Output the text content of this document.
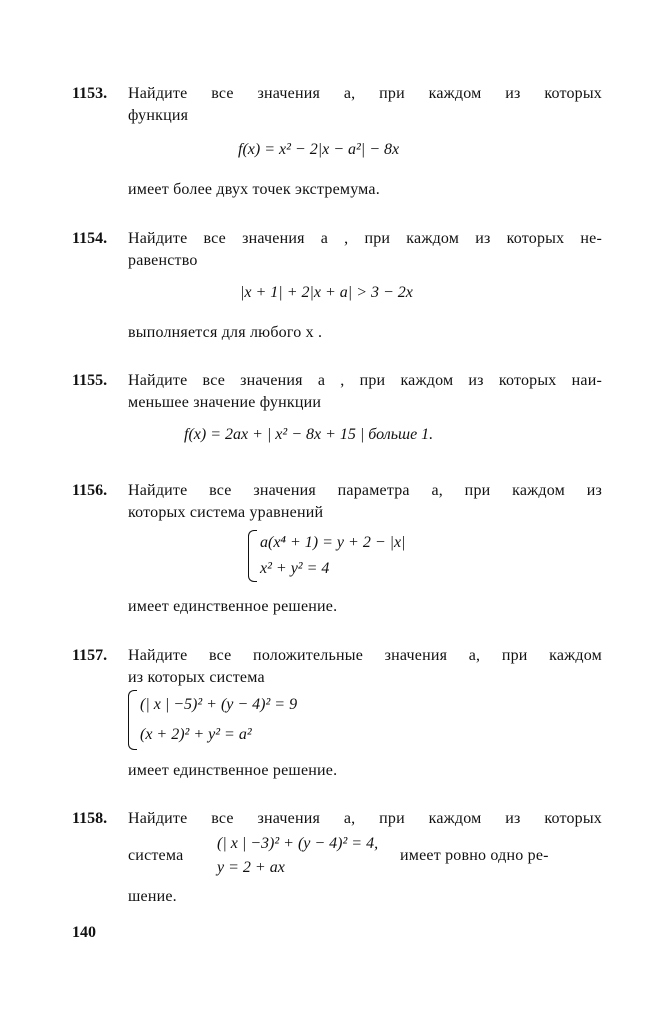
1153. Найдите все значения a, при каждом из которых
функция
f(x) = x² − 2|x − a²| − 8x
имеет более двух точек экстремума.
1154. Найдите все значения a , при каждом из которых не-
равенство
|x + 1| + 2|x + a| > 3 − 2x
выполняется для любого x .
1155. Найдите все значения a , при каждом из которых наи-
меньшее значение функции
f(x) = 2ax + | x² − 8x + 15 | больше 1.
1156. Найдите все значения параметра а, при каждом из
которых система уравнений
a(x⁴ + 1) = y + 2 − |x|
x² + y² = 4
имеет единственное решение.
1157. Найдите все положительные значения a, при каждом
из которых система
(| x | −5)² + (y − 4)² = 9
(x + 2)² + y² = a²
имеет единственное решение.
1158. Найдите все значения a, при каждом из которых
система
(| x | −3)² + (y − 4)² = 4,
y = 2 + ax
имеет ровно одно ре-
шение.
140
